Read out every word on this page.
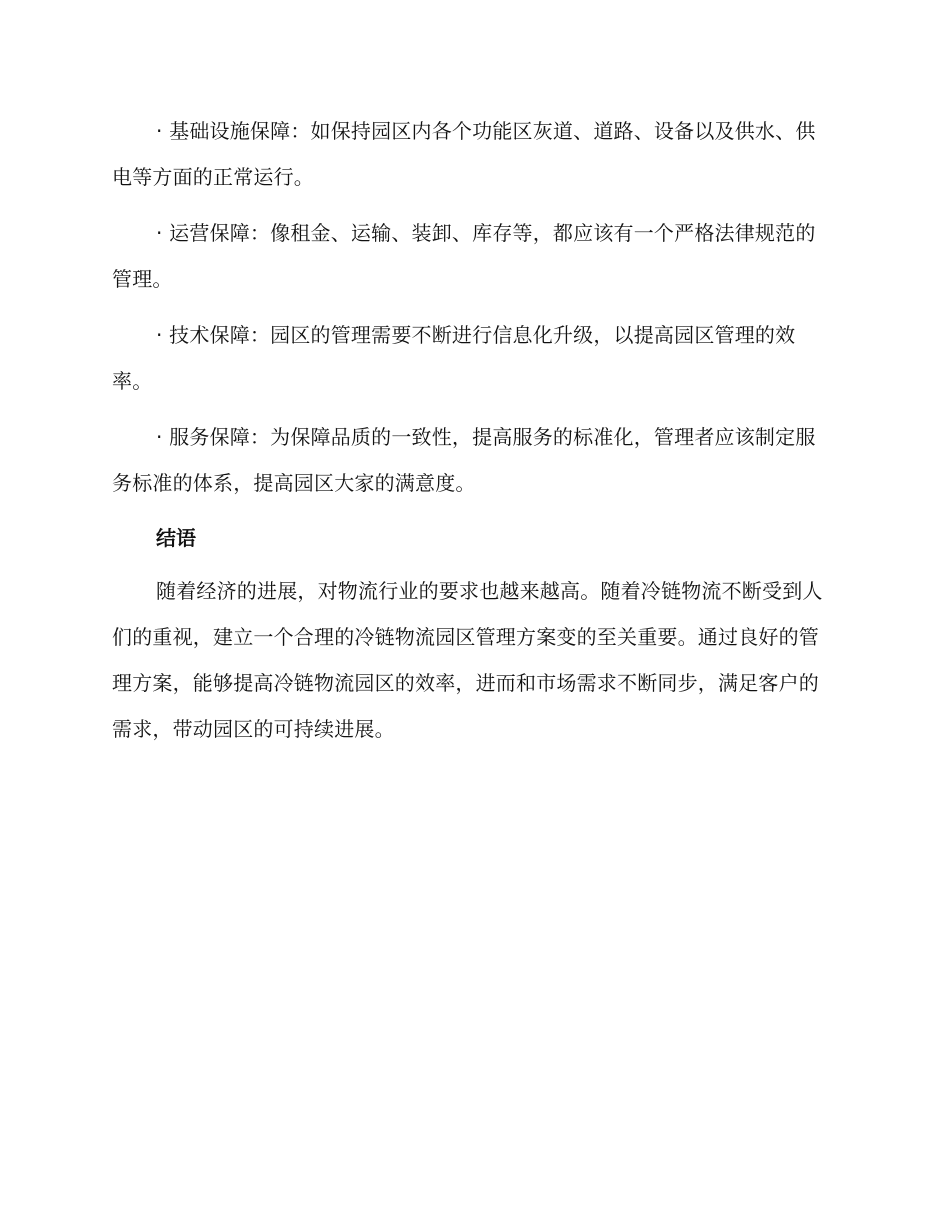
· 基础设施保障：如保持园区内各个功能区灰道、道路、设备以及供水、供电等方面的正常运行。

· 运营保障：像租金、运输、装卸、库存等，都应该有一个严格法律规范的管理。

· 技术保障：园区的管理需要不断进行信息化升级，以提高园区管理的效率。

· 服务保障：为保障品质的一致性，提高服务的标准化，管理者应该制定服务标准的体系，提高园区大家的满意度。

结语

随着经济的进展，对物流行业的要求也越来越高。随着冷链物流不断受到人们的重视，建立一个合理的冷链物流园区管理方案变的至关重要。通过良好的管理方案，能够提高冷链物流园区的效率，进而和市场需求不断同步，满足客户的需求，带动园区的可持续进展。
